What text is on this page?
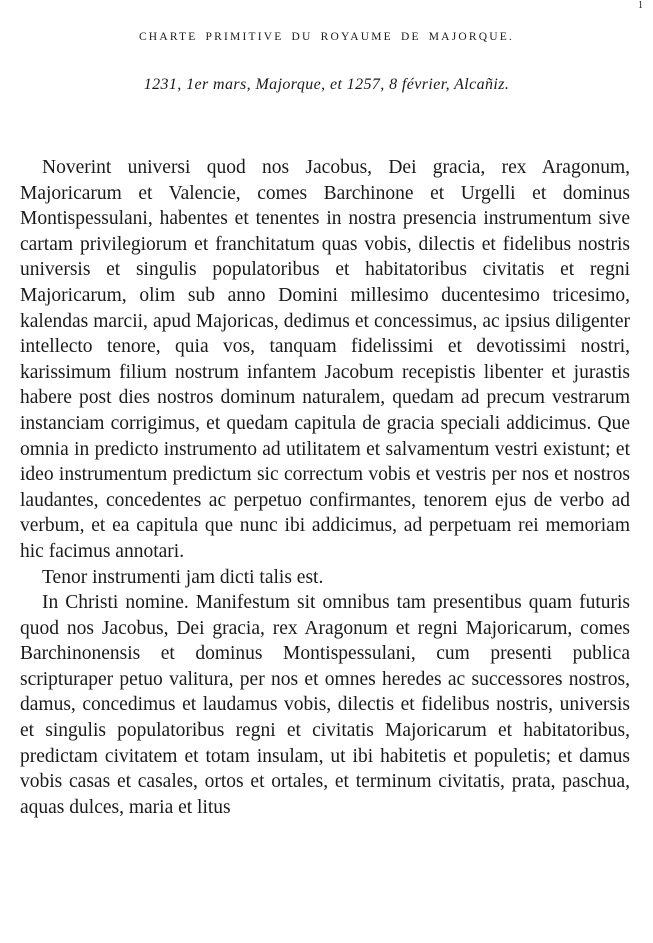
1
CHARTE PRIMITIVE DU ROYAUME DE MAJORQUE.
1231, 1er mars, Majorque, et 1257, 8 février, Alcañiz.

Noverint universi quod nos Jacobus, Dei gracia, rex Aragonum, Majoricarum et Valencie, comes Barchinone et Urgelli et dominus Montispessulani, habentes et tenentes in nostra presencia instrumentum sive cartam privilegiorum et franchitatum quas vobis, dilectis et fidelibus nostris universis et singulis populatoribus et habitatoribus civitatis et regni Majoricarum, olim sub anno Domini millesimo ducentesimo tricesimo, kalendas marcii, apud Majoricas, dedimus et concessimus, ac ipsius diligenter intellecto tenore, quia vos, tanquam fidelissimi et devotissimi nostri, karissimum filium nostrum infantem Jacobum recepistis libenter et jurastis habere post dies nostros dominum naturalem, quedam ad precum vestrarum instanciam corrigimus, et quedam capitula de gracia speciali addicimus. Que omnia in predicto instrumento ad utilitatem et salvamentum vestri existunt; et ideo instrumentum predictum sic correctum vobis et vestris per nos et nostros laudantes, concedentes ac perpetuo confirmantes, tenorem ejus de verbo ad verbum, et ea capitula que nunc ibi addicimus, ad perpetuam rei memoriam hic facimus annotari.

Tenor instrumenti jam dicti talis est.

In Christi nomine. Manifestum sit omnibus tam presentibus quam futuris quod nos Jacobus, Dei gracia, rex Aragonum et regni Majoricarum, comes Barchinonensis et dominus Montispessulani, cum presenti publica scripturaper petuo valitura, per nos et omnes heredes ac successores nostros, damus, concedimus et laudamus vobis, dilectis et fidelibus nostris, universis et singulis populatoribus regni et civitatis Majoricarum et habitatoribus, predictam civitatem et totam insulam, ut ibi habitetis et populetis; et damus vobis casas et casales, ortos et ortales, et terminum civitatis, prata, paschua, aquas dulces, maria et litus
